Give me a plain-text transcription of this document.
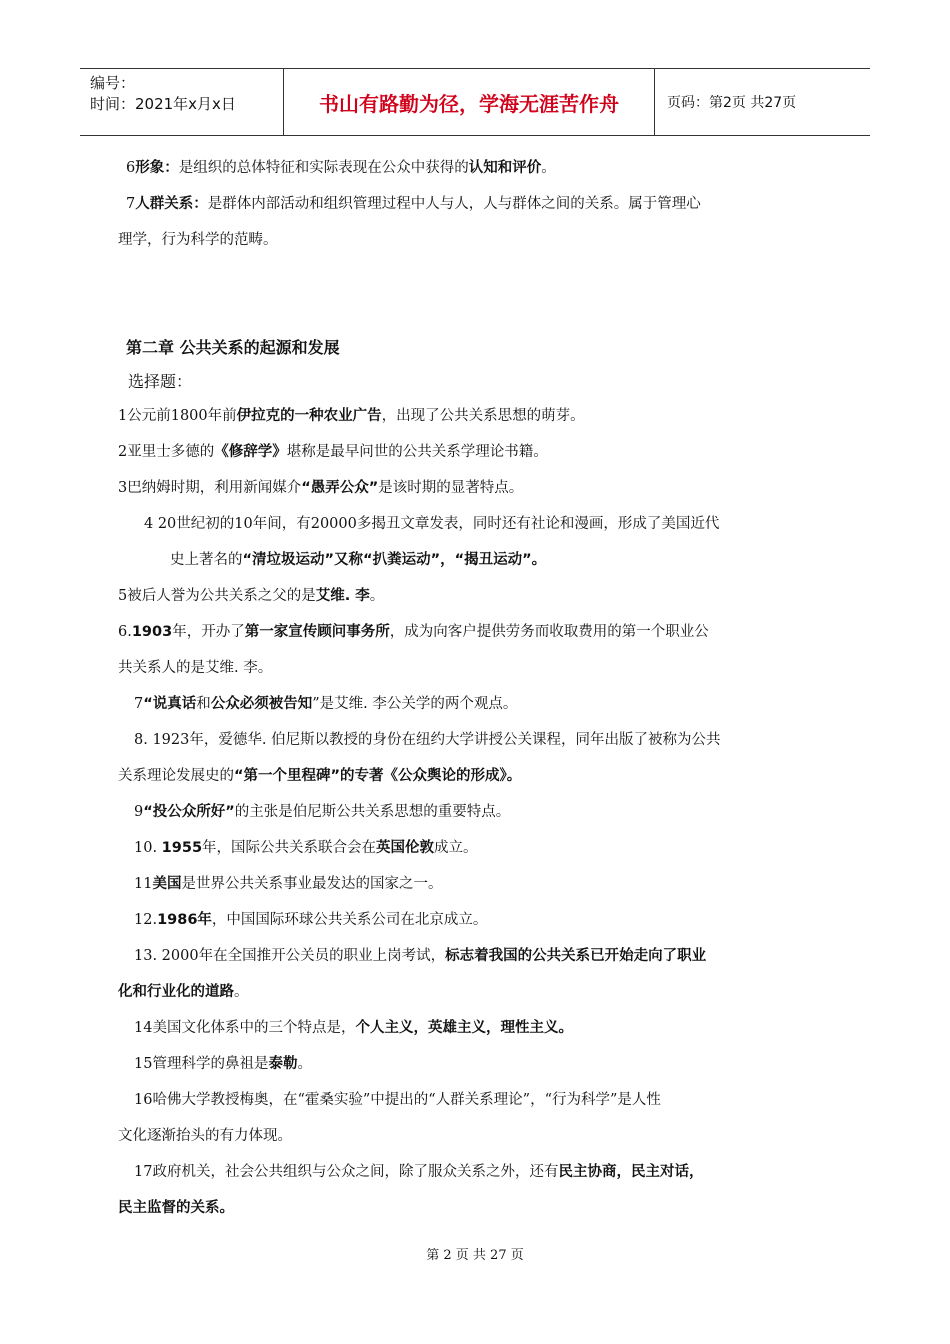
编号：
时间：2021年x月x日	书山有路勤为径，学海无涯苦作舟	页码：第2页 共27页

6形象：是组织的总体特征和实际表现在公众中获得的认知和评价。

7人群关系：是群体内部活动和组织管理过程中人与人，人与群体之间的关系。属于管理心

理学，行为科学的范畴。

第二章 公共关系的起源和发展
选择题：

1公元前1800年前伊拉克的一种农业广告，出现了公共关系思想的萌芽。

2亚里士多德的《修辞学》堪称是最早问世的公共关系学理论书籍。

3巴纳姆时期，利用新闻媒介“愚弄公众”是该时期的显著特点。

4 20世纪初的10年间，有20000多揭丑文章发表，同时还有社论和漫画，形成了美国近代

史上著名的“清垃圾运动”又称“扒粪运动”，“揭丑运动”。

5被后人誉为公共关系之父的是艾维. 李。

6.1903年，开办了第一家宣传顾问事务所，成为向客户提供劳务而收取费用的第一个职业公

共关系人的是艾维. 李。

7“说真话和公众必须被告知”是艾维. 李公关学的两个观点。

8. 1923年，爱德华. 伯尼斯以教授的身份在纽约大学讲授公关课程，同年出版了被称为公共

关系理论发展史的“第一个里程碑”的专著《公众舆论的形成》。

9“投公众所好”的主张是伯尼斯公共关系思想的重要特点。

10. 1955年，国际公共关系联合会在英国伦敦成立。

11美国是世界公共关系事业最发达的国家之一。

12.1986年，中国国际环球公共关系公司在北京成立。

13. 2000年在全国推开公关员的职业上岗考试，标志着我国的公共关系已开始走向了职业

化和行业化的道路。

14美国文化体系中的三个特点是，个人主义，英雄主义，理性主义。

15管理科学的鼻祖是泰勒。

16哈佛大学教授梅奥，在“霍桑实验”中提出的“人群关系理论”，“行为科学”是人性

文化逐渐抬头的有力体现。

17政府机关，社会公共组织与公众之间，除了服众关系之外，还有民主协商，民主对话，

民主监督的关系。

第 2 页 共 27 页
